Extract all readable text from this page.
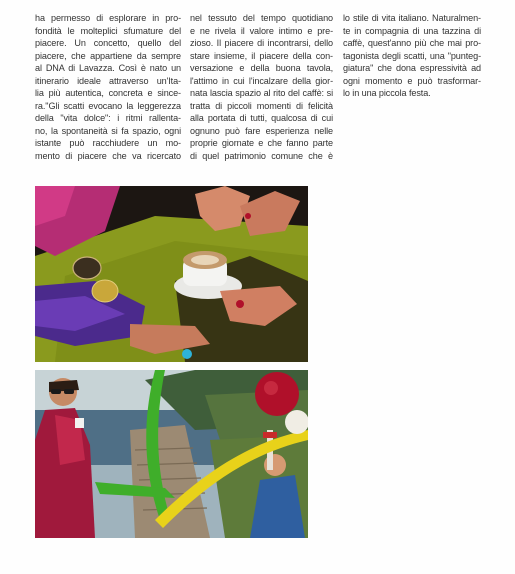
ha permesso di esplorare in pro-
fondità le molteplici sfumature del
piacere. Un concetto, quello del
piacere, che appartiene da sempre
al DNA di Lavazza. Così è nato un
itinerario ideale attraverso un'Ita-
lia più autentica, concreta e since-
ra."Gli scatti evocano la leggerezza
della "vita dolce": i ritmi rallenta-
no, la spontaneità si fa spazio, ogni
istante può racchiudere un mo-
mento di piacere che va ricercato
nel tessuto del tempo quotidiano
e ne rivela il valore intimo e pre-
zioso. Il piacere di incontrarsi, dello
stare insieme, il piacere della con-
versazione e della buona tavola,
l'attimo in cui l'incalzare della gior-
nata lascia spazio al rito del caffè: si
tratta di piccoli momenti di felicità
alla portata di tutti, qualcosa di cui
ognuno può fare esperienza nelle
proprie giornate e che fanno parte
di quel patrimonio comune che è
lo stile di vita italiano. Naturalmen-
te in compagnia di una tazzina di
caffè, quest'anno più che mai pro-
tagonista degli scatti, una "punteg-
giatura" che dona espressività ad
ogni momento e può trasformar-
lo in una piccola festa.
